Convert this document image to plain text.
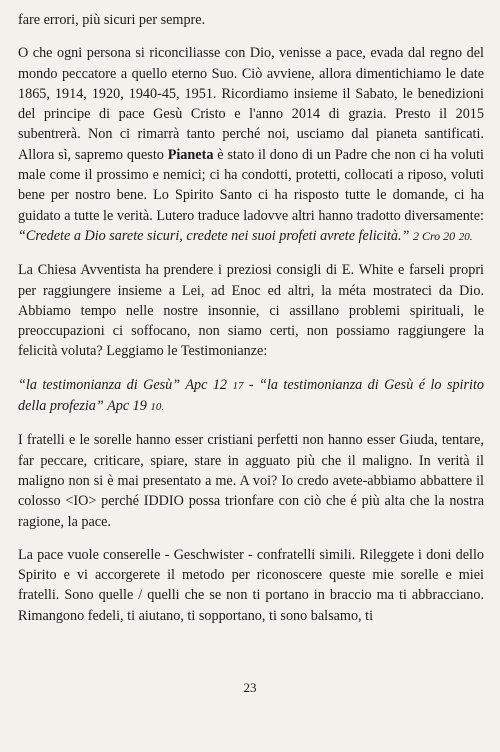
fare errori, più sicuri per sempre.

O che ogni persona si riconciliasse con Dio, venisse a pace, evada dal regno del mondo peccatore a quello eterno Suo. Ciò avviene, allora dimentichiamo le date 1865, 1914, 1920, 1940-45, 1951. Ricordiamo insieme il Sabato, le benedizioni del principe di pace Gesù Cristo e l'anno 2014 di grazia. Presto il 2015 subentrerà. Non ci rimarrà tanto perché noi, usciamo dal pianeta santificati. Allora sì, sapremo questo Pianeta è stato il dono di un Padre che non ci ha voluti male come il prossimo e nemici; ci ha condotti, protetti, collocati a riposo, voluti bene per nostro bene. Lo Spirito Santo ci ha risposto tutte le domande, ci ha guidato a tutte le verità. Lutero traduce ladovve altri hanno tradotto diversamente: “Credete a Dio sarete sicuri, credete nei suoi profeti avrete felicità.” 2 Cro 20 20.

La Chiesa Avventista ha prendere i preziosi consigli di E. White e farseli propri per raggiungere insieme a Lei, ad Enoc ed altri, la méta mostrateci da Dio. Abbiamo tempo nelle nostre insonnie, ci assillano problemi spirituali, le preoccupazioni ci soffocano, non siamo certi, non possiamo raggiungere la felicità voluta? Leggiamo le Testimonianze:

“la testimonianza di Gesù” Apc 12 17 - “la testimonianza di Gesù é lo spirito della profezia” Apc 19 10.

I fratelli e le sorelle hanno esser cristiani perfetti non hanno esser Giuda, tentare, far peccare, criticare, spiare, stare in agguato più che il maligno. In verità il maligno non si è mai presentato a me. A voi? Io credo avete-abbiamo abbattere il colosso <IO> perché IDDIO possa trionfare con ciò che é più alta che la nostra ragione, la pace.

La pace vuole conserelle - Geschwister - confratelli simili. Rileggete i doni dello Spirito e vi accorgerete il metodo per riconoscere queste mie sorelle e miei fratelli. Sono quelle / quelli che se non ti portano in braccio ma ti abbracciano. Rimangono fedeli, ti aiutano, ti sopportano, ti sono balsamo, ti

23
